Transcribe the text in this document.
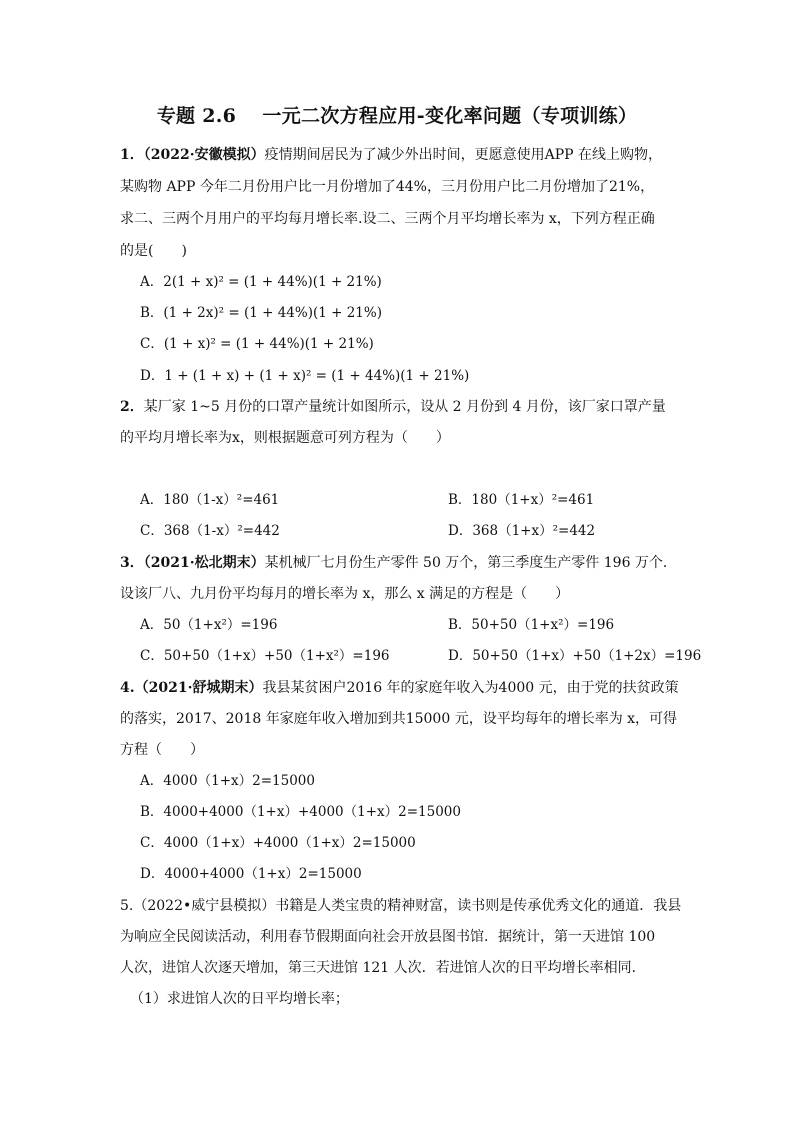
专题 2.6　 一元二次方程应用-变化率问题（专项训练）
1．（2022·安徽模拟）疫情期间居民为了减少外出时间，更愿意使用APP 在线上购物，
某购物 APP 今年二月份用户比一月份增加了44%，三月份用户比二月份增加了21%，
求二、三两个月用户的平均每月增长率.设二、三两个月平均增长率为 x，下列方程正确
的是(　　)
A．2(1 + x)² = (1 + 44%)(1 + 21%)
B．(1 + 2x)² = (1 + 44%)(1 + 21%)
C．(1 + x)² = (1 + 44%)(1 + 21%)
D．1 + (1 + x) + (1 + x)² = (1 + 44%)(1 + 21%)
2．某厂家 1~5 月份的口罩产量统计如图所示，设从 2 月份到 4 月份，该厂家口罩产量
的平均月增长率为x，则根据题意可列方程为（　　）
A．180（1-x）²=461	B．180（1+x）²=461
C．368（1-x）²=442	D．368（1+x）²=442
3．（2021·松北期末）某机械厂七月份生产零件 50 万个，第三季度生产零件 196 万个．
设该厂八、九月份平均每月的增长率为 x，那么 x 满足的方程是（　　）
A．50（1+x²）=196	B．50+50（1+x²）=196
C．50+50（1+x）+50（1+x²）=196	D．50+50（1+x）+50（1+2x）=196
4.（2021·舒城期末）我县某贫困户2016 年的家庭年收入为4000 元，由于党的扶贫政策
的落实，2017、2018 年家庭年收入增加到共15000 元，设平均每年的增长率为 x，可得
方程（　　）
A．4000（1+x）2=15000
B．4000+4000（1+x）+4000（1+x）2=15000
C．4000（1+x）+4000（1+x）2=15000
D．4000+4000（1+x）2=15000
5.（2022•威宁县模拟）书籍是人类宝贵的精神财富，读书则是传承优秀文化的通道．我县
为响应全民阅读活动，利用春节假期面向社会开放县图书馆．据统计，第一天进馆 100
人次，进馆人次逐天增加，第三天进馆 121 人次．若进馆人次的日平均增长率相同．
（1）求进馆人次的日平均增长率；
